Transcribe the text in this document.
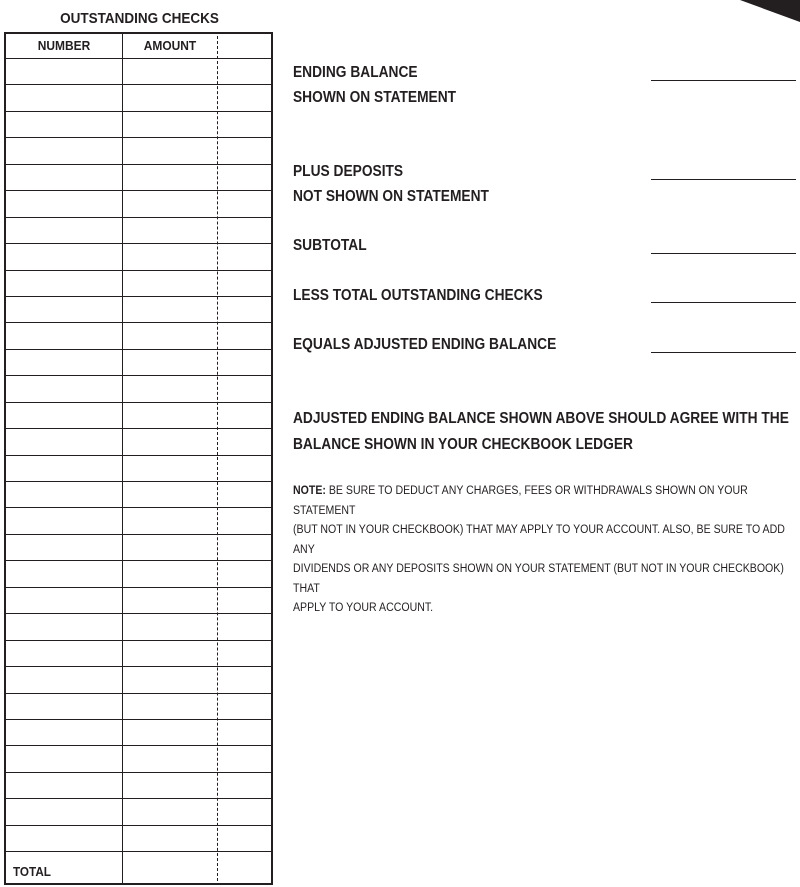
OUTSTANDING CHECKS
NUMBER	AMOUNT
TOTAL
ENDING BALANCE
SHOWN ON STATEMENT
PLUS DEPOSITS
NOT SHOWN ON STATEMENT
SUBTOTAL
LESS TOTAL OUTSTANDING CHECKS
EQUALS ADJUSTED ENDING BALANCE
ADJUSTED ENDING BALANCE SHOWN ABOVE SHOULD AGREE WITH THE
BALANCE SHOWN IN YOUR CHECKBOOK LEDGER
NOTE: BE SURE TO DEDUCT ANY CHARGES, FEES OR WITHDRAWALS SHOWN ON YOUR STATEMENT
(BUT NOT IN YOUR CHECKBOOK) THAT MAY APPLY TO YOUR ACCOUNT. ALSO, BE SURE TO ADD ANY
DIVIDENDS OR ANY DEPOSITS SHOWN ON YOUR STATEMENT (BUT NOT IN YOUR CHECKBOOK) THAT
APPLY TO YOUR ACCOUNT.
